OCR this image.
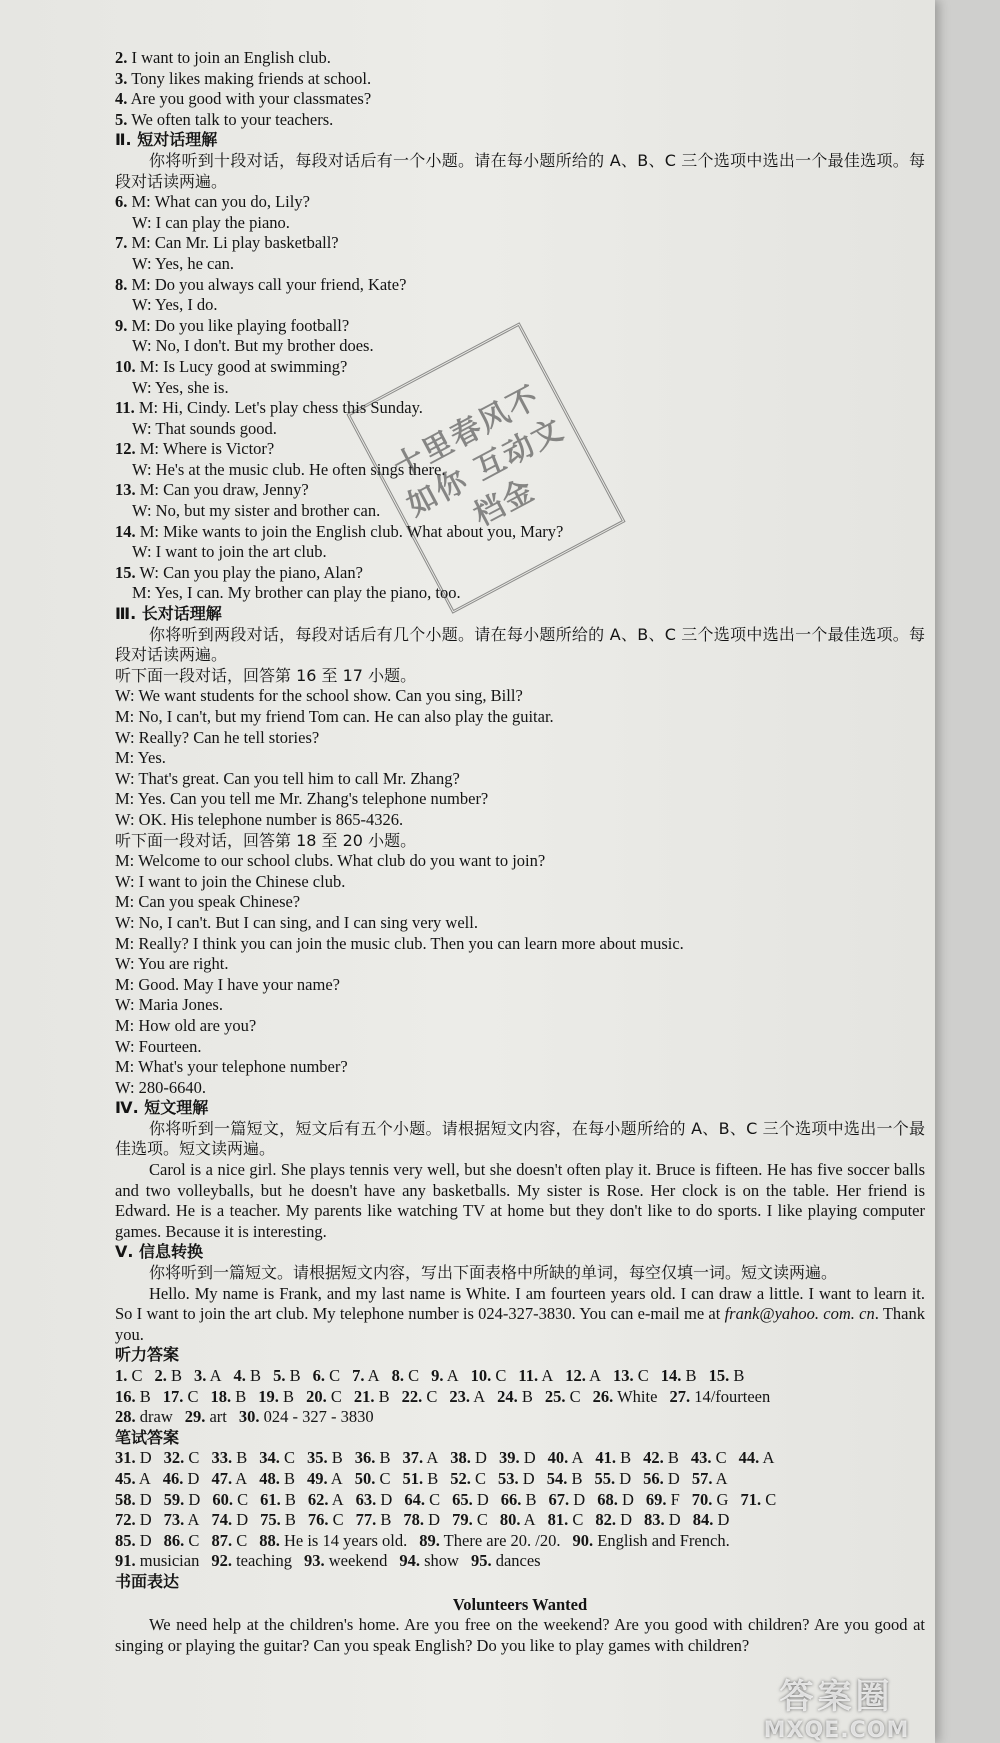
2. I want to join an English club.
3. Tony likes making friends at school.
4. Are you good with your classmates?
5. We often talk to your teachers.
Ⅱ. 短对话理解
你将听到十段对话，每段对话后有一个小题。请在每小题所给的 A、B、C 三个选项中选出一个最佳选项。每段对话读两遍。
6. M: What can you do, Lily?
W: I can play the piano.
7. M: Can Mr. Li play basketball?
W: Yes, he can.
8. M: Do you always call your friend, Kate?
W: Yes, I do.
9. M: Do you like playing football?
W: No, I don't. But my brother does.
10. M: Is Lucy good at swimming?
W: Yes, she is.
11. M: Hi, Cindy. Let's play chess this Sunday.
W: That sounds good.
12. M: Where is Victor?
W: He's at the music club. He often sings there.
13. M: Can you draw, Jenny?
W: No, but my sister and brother can.
14. M: Mike wants to join the English club. What about you, Mary?
W: I want to join the art club.
15. W: Can you play the piano, Alan?
M: Yes, I can. My brother can play the piano, too.
Ⅲ. 长对话理解
你将听到两段对话，每段对话后有几个小题。请在每小题所给的 A、B、C 三个选项中选出一个最佳选项。每段对话读两遍。
听下面一段对话，回答第 16 至 17 小题。
W: We want students for the school show. Can you sing, Bill?
M: No, I can't, but my friend Tom can. He can also play the guitar.
W: Really? Can he tell stories?
M: Yes.
W: That's great. Can you tell him to call Mr. Zhang?
M: Yes. Can you tell me Mr. Zhang's telephone number?
W: OK. His telephone number is 865-4326.
听下面一段对话，回答第 18 至 20 小题。
M: Welcome to our school clubs. What club do you want to join?
W: I want to join the Chinese club.
M: Can you speak Chinese?
W: No, I can't. But I can sing, and I can sing very well.
M: Really? I think you can join the music club. Then you can learn more about music.
W: You are right.
M: Good. May I have your name?
W: Maria Jones.
M: How old are you?
W: Fourteen.
M: What's your telephone number?
W: 280-6640.
Ⅳ. 短文理解
你将听到一篇短文，短文后有五个小题。请根据短文内容，在每小题所给的 A、B、C 三个选项中选出一个最佳选项。短文读两遍。
Carol is a nice girl. She plays tennis very well, but she doesn't often play it. Bruce is fifteen. He has five soccer balls and two volleyballs, but he doesn't have any basketballs. My sister is Rose. Her clock is on the table. Her friend is Edward. He is a teacher. My parents like watching TV at home but they don't like to do sports. I like playing computer games. Because it is interesting.
Ⅴ. 信息转换
你将听到一篇短文。请根据短文内容，写出下面表格中所缺的单词，每空仅填一词。短文读两遍。
Hello. My name is Frank, and my last name is White. I am fourteen years old. I can draw a little. I want to learn it. So I want to join the art club. My telephone number is 024-327-3830. You can e-mail me at frank@yahoo. com. cn. Thank you.
听力答案
1. C 2. B 3. A 4. B 5. B 6. C 7. A 8. C 9. A 10. C 11. A 12. A 13. C 14. B 15. B
16. B 17. C 18. B 19. B 20. C 21. B 22. C 23. A 24. B 25. C 26. White 27. 14/fourteen
28. draw 29. art 30. 024 - 327 - 3830
笔试答案
31. D 32. C 33. B 34. C 35. B 36. B 37. A 38. D 39. D 40. A 41. B 42. B 43. C 44. A
45. A 46. D 47. A 48. B 49. A 50. C 51. B 52. C 53. D 54. B 55. D 56. D 57. A
58. D 59. D 60. C 61. B 62. A 63. D 64. C 65. D 66. B 67. D 68. D 69. F 70. G 71. C
72. D 73. A 74. D 75. B 76. C 77. B 78. D 79. C 80. A 81. C 82. D 83. D 84. D
85. D 86. C 87. C 88. He is 14 years old. 89. There are 20. /20. 90. English and French.
91. musician 92. teaching 93. weekend 94. show 95. dances
书面表达
Volunteers Wanted
We need help at the children's home. Are you free on the weekend? Are you good with children? Are you good at singing or playing the guitar? Can you speak English? Do you like to play games with children?
十里春风不如你 互动文档金
答案圈
MXQE.COM
